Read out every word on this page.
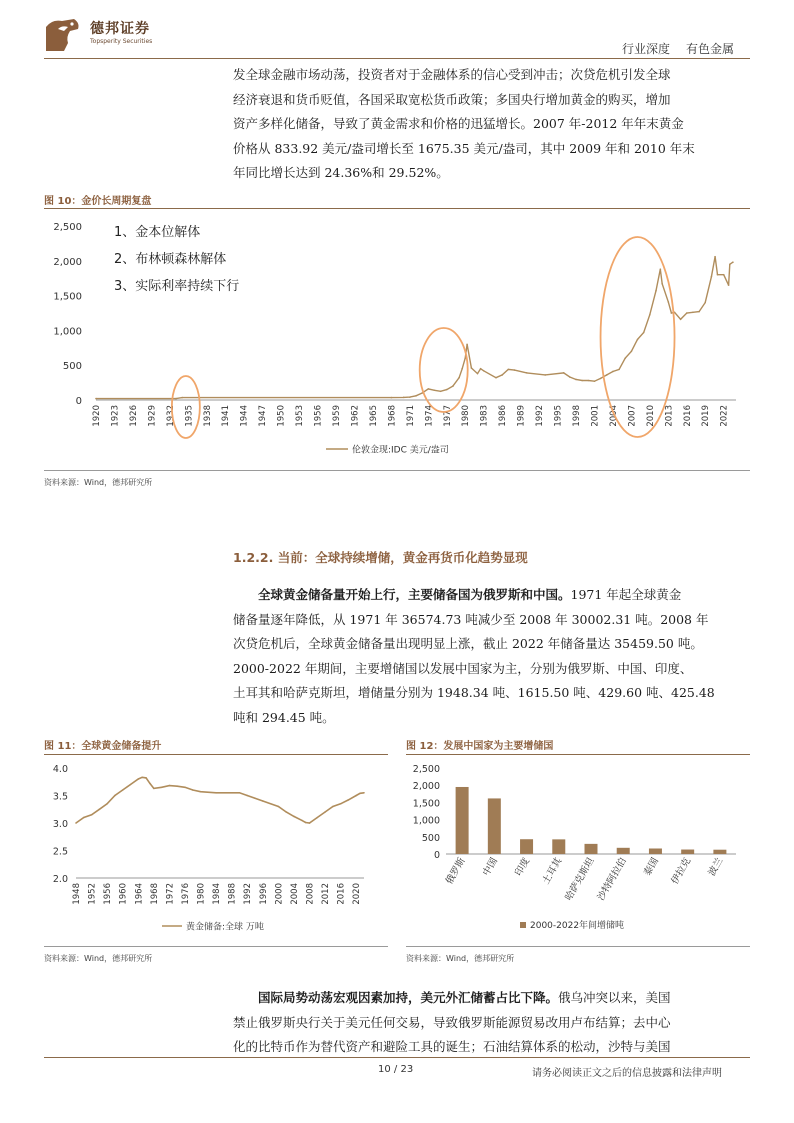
德邦证券
Topsperity Securities
行业深度 有色金属
发全球金融市场动荡，投资者对于金融体系的信心受到冲击；次贷危机引发全球
经济衰退和货币贬值，各国采取宽松货币政策；多国央行增加黄金的购买，增加
资产多样化储备，导致了黄金需求和价格的迅猛增长。2007 年-2012 年年末黄金
价格从 833.92 美元/盎司增长至 1675.35 美元/盎司，其中 2009 年和 2010 年末
年同比增长达到 24.36%和 29.52%。
图 10：金价长周期复盘
0
500
1,000
1,500
2,000
2,500
1920 1923 1926 1929 1932 1935 1938 1941 1944 1947 1950 1953 1956 1959 1962 1965 1968 1971 1974 1977 1980 1983 1986 1989 1992 1995 1998 2001 2004 2007 2010 2013 2016 2019 2022
1、金本位解体
2、布林顿森林解体
3、实际利率持续下行
伦敦金现:IDC 美元/盎司
资料来源：Wind，德邦研究所
1.2.2. 当前：全球持续增储，黄金再货币化趋势显现
全球黄金储备量开始上行，主要储备国为俄罗斯和中国。1971 年起全球黄金
储备量逐年降低，从 1971 年 36574.73 吨减少至 2008 年 30002.31 吨。2008 年
次贷危机后，全球黄金储备量出现明显上涨，截止 2022 年储备量达 35459.50 吨。
2000-2022 年期间，主要增储国以发展中国家为主，分别为俄罗斯、中国、印度、
土耳其和哈萨克斯坦，增储量分别为 1948.34 吨、1615.50 吨、429.60 吨、425.48
吨和 294.45 吨。
图 11：全球黄金储备提升
2.0
2.5
3.0
3.5
4.0
1948 1952 1956 1960 1964 1968 1972 1976 1980 1984 1988 1992 1996 2000 2004 2008 2012 2016 2020
黄金储备:全球 万吨
资料来源：Wind，德邦研究所
图 12：发展中国家为主要增储国
0
500
1,000
1,500
2,000
2,500
俄罗斯 中国 印度 土耳其
哈萨克斯坦
沙特阿拉伯 泰国 伊拉克 波兰
2000-2022年间增储吨
资料来源：Wind，德邦研究所
国际局势动荡宏观因素加持，美元外汇储蓄占比下降。俄乌冲突以来，美国
禁止俄罗斯央行关于美元任何交易，导致俄罗斯能源贸易改用卢布结算；去中心
化的比特币作为替代资产和避险工具的诞生；石油结算体系的松动，沙特与美国
10 / 23	请务必阅读正文之后的信息披露和法律声明
